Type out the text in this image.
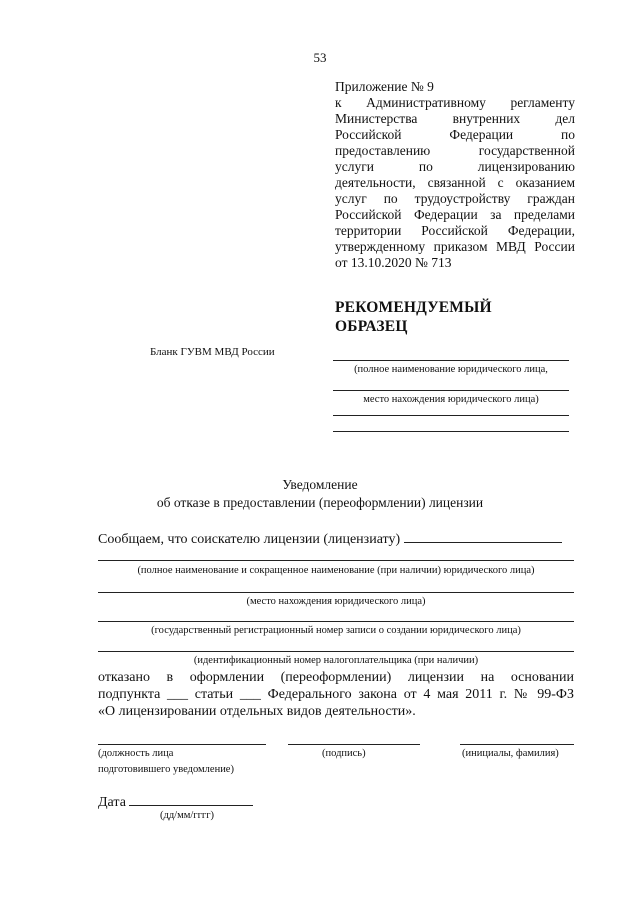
53
Приложение № 9
к Административному регламенту
Министерства внутренних дел
Российской Федерации по
предоставлению государственной
услуги по лицензированию
деятельности, связанной с оказанием
услуг по трудоустройству граждан
Российской Федерации за пределами
территории Российской Федерации,
утвержденному приказом МВД России
от 13.10.2020 № 713
РЕКОМЕНДУЕМЫЙ
ОБРАЗЕЦ
Бланк ГУВМ МВД России
(полное наименование юридического лица,
место нахождения юридического лица)
Уведомление
об отказе в предоставлении (переоформлении) лицензии
Сообщаем, что соискателю лицензии (лицензиату)
(полное наименование и сокращенное наименование (при наличии) юридического лица)
(место нахождения юридического лица)
(государственный регистрационный номер записи о создании юридического лица)
(идентификационный номер налогоплательщика (при наличии)
отказано в оформлении (переоформлении) лицензии на основании
подпункта ___ статьи ___ Федерального закона от 4 мая 2011 г. № 99-ФЗ
«О лицензировании отдельных видов деятельности».
(должность лица
подготовившего уведомление)
(подпись)	(инициалы, фамилия)
Дата
(дд/мм/гггг)
